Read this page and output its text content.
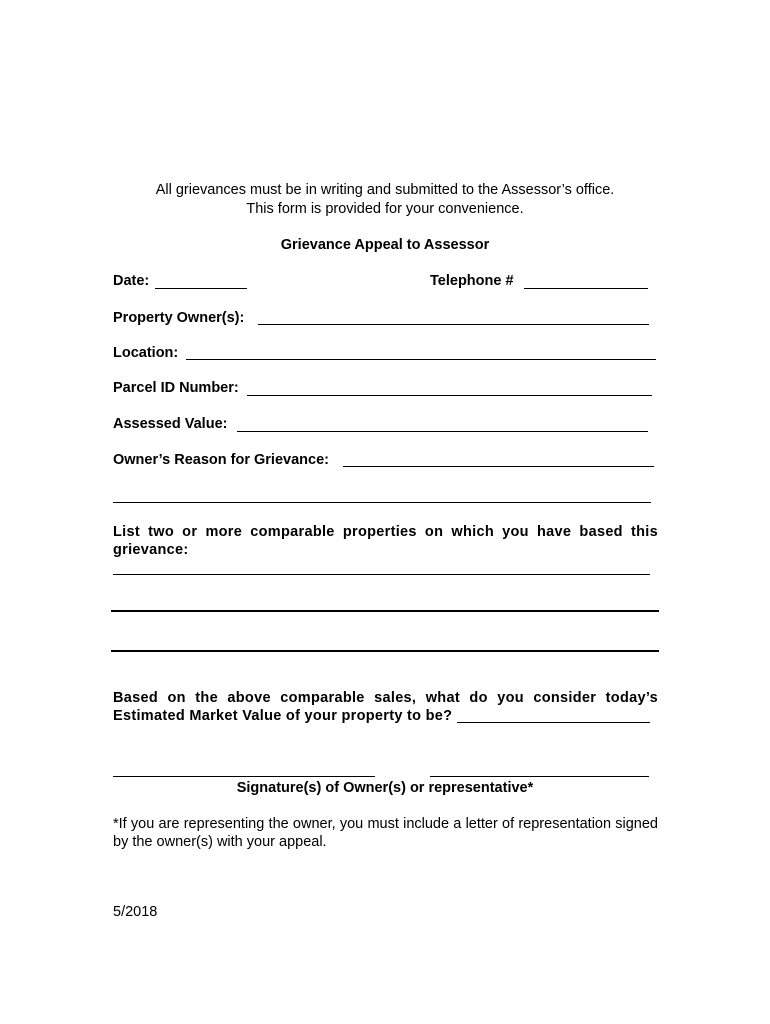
All grievances must be in writing and submitted to the Assessor’s office.
This form is provided for your convenience.
Grievance Appeal to Assessor
Date:	Telephone #
Property Owner(s):
Location:
Parcel ID Number:
Assessed Value:
Owner’s Reason for Grievance:
List two or more comparable properties on which you have based this grievance:
Based on the above comparable sales, what do you consider today’s Estimated Market Value of your property to be?
Signature(s) of Owner(s) or representative*
*If you are representing the owner, you must include a letter of representation signed by the owner(s) with your appeal.
5/2018
